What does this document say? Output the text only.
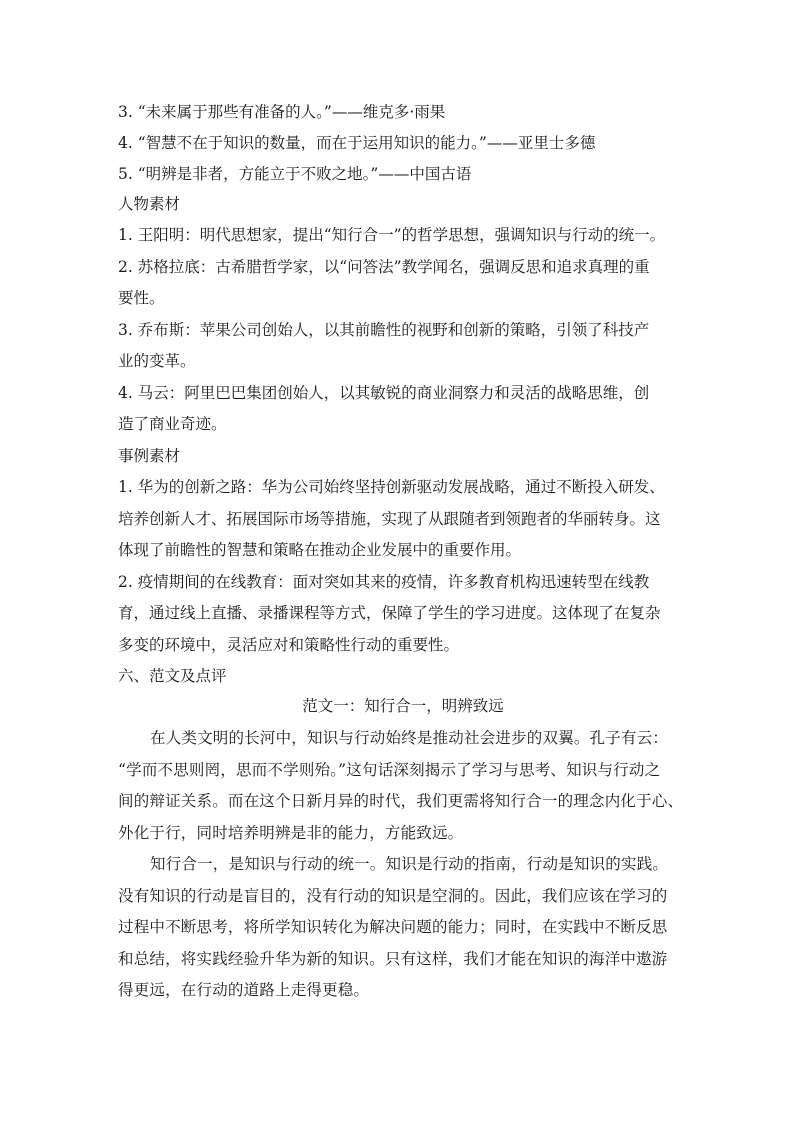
3. “未来属于那些有准备的人。”——维克多·雨果
4. “智慧不在于知识的数量，而在于运用知识的能力。”——亚里士多德
5. “明辨是非者，方能立于不败之地。”——中国古语
人物素材
1. 王阳明：明代思想家，提出“知行合一”的哲学思想，强调知识与行动的统一。
2. 苏格拉底：古希腊哲学家，以“问答法”教学闻名，强调反思和追求真理的重
要性。
3. 乔布斯：苹果公司创始人，以其前瞻性的视野和创新的策略，引领了科技产
业的变革。
4. 马云：阿里巴巴集团创始人，以其敏锐的商业洞察力和灵活的战略思维，创
造了商业奇迹。
事例素材
1. 华为的创新之路：华为公司始终坚持创新驱动发展战略，通过不断投入研发、
培养创新人才、拓展国际市场等措施，实现了从跟随者到领跑者的华丽转身。这
体现了前瞻性的智慧和策略在推动企业发展中的重要作用。
2. 疫情期间的在线教育：面对突如其来的疫情，许多教育机构迅速转型在线教
育，通过线上直播、录播课程等方式，保障了学生的学习进度。这体现了在复杂
多变的环境中，灵活应对和策略性行动的重要性。
六、范文及点评
范文一：知行合一，明辨致远
在人类文明的长河中，知识与行动始终是推动社会进步的双翼。孔子有云：
“学而不思则罔，思而不学则殆。”这句话深刻揭示了学习与思考、知识与行动之
间的辩证关系。而在这个日新月异的时代，我们更需将知行合一的理念内化于心、
外化于行，同时培养明辨是非的能力，方能致远。
知行合一，是知识与行动的统一。知识是行动的指南，行动是知识的实践。
没有知识的行动是盲目的，没有行动的知识是空洞的。因此，我们应该在学习的
过程中不断思考，将所学知识转化为解决问题的能力；同时，在实践中不断反思
和总结，将实践经验升华为新的知识。只有这样，我们才能在知识的海洋中遨游
得更远，在行动的道路上走得更稳。
